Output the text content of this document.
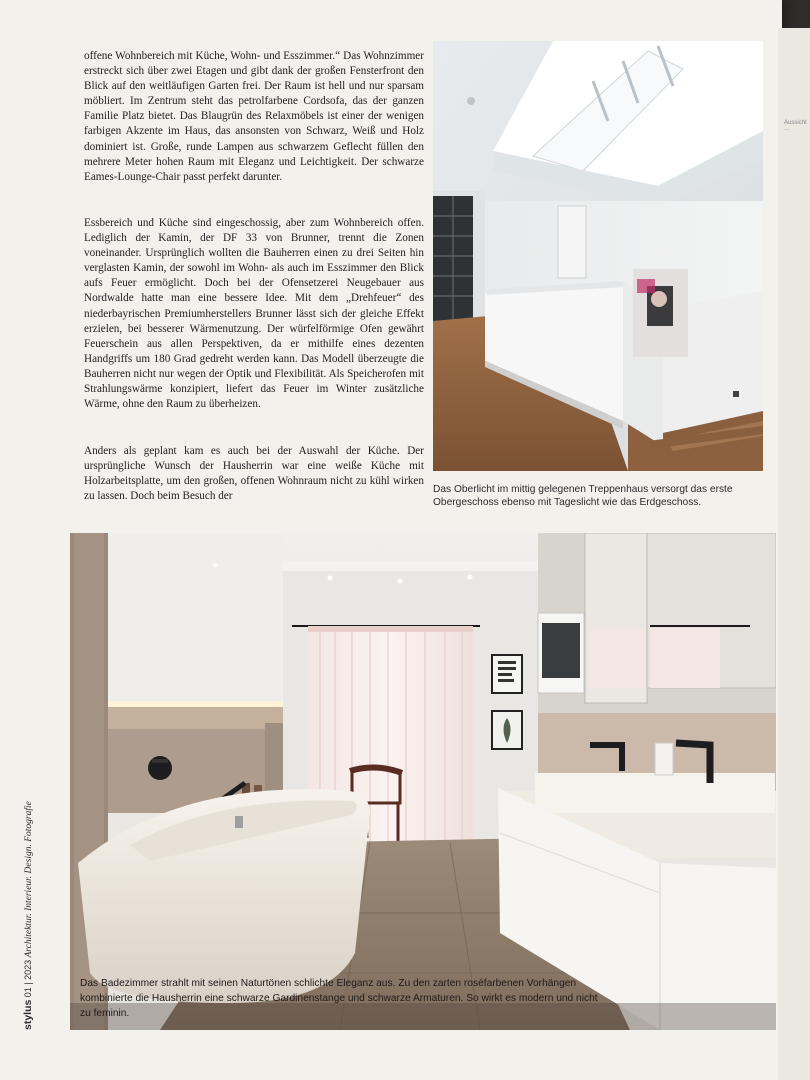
offene Wohnbereich mit Küche, Wohn- und Esszimmer.“ Das Wohnzimmer erstreckt sich über zwei Etagen und gibt dank der großen Fensterfront den Blick auf den weitläufigen Garten frei. Der Raum ist hell und nur sparsam möbliert. Im Zentrum steht das petrolfarbene Cordsofa, das der ganzen Familie Platz bietet. Das Blaugrün des Relaxmöbels ist einer der wenigen farbigen Akzente im Haus, das ansonsten von Schwarz, Weiß und Holz dominiert ist. Große, runde Lampen aus schwarzem Geflecht füllen den mehrere Meter hohen Raum mit Eleganz und Leichtigkeit. Der schwarze Eames-Lounge-Chair passt perfekt darunter.

Essbereich und Küche sind eingeschossig, aber zum Wohnbereich offen. Lediglich der Kamin, der DF 33 von Brunner, trennt die Zonen voneinander. Ursprünglich wollten die Bauherren einen zu drei Seiten hin verglasten Kamin, der sowohl im Wohn- als auch im Esszimmer den Blick aufs Feuer ermöglicht. Doch bei der Ofensetzerei Neugebauer aus Nordwalde hatte man eine bessere Idee. Mit dem „Drehfeuer“ des niederbayrischen Premiumherstellers Brunner lässt sich der gleiche Effekt erzielen, bei besserer Wärmenutzung. Der würfelförmige Ofen gewährt Feuerschein aus allen Perspektiven, da er mithilfe eines dezenten Handgriffs um 180 Grad gedreht werden kann. Das Modell überzeugte die Bauherren nicht nur wegen der Optik und Flexibilität. Als Speicherofen mit Strahlungswärme konzipiert, liefert das Feuer im Winter zusätzliche Wärme, ohne den Raum zu überheizen.

Anders als geplant kam es auch bei der Auswahl der Küche. Der ursprüngliche Wunsch der Hausherrin war eine weiße Küche mit Holzarbeitsplatte, um den großen, offenen Wohnraum nicht zu kühl wirken zu lassen. Doch beim Besuch der

Das Oberlicht im mittig gelegenen Treppenhaus versorgt das erste Obergeschoss ebenso mit Tageslicht wie das Erdgeschoss.

Das Badezimmer strahlt mit seinen Naturtönen schlichte Eleganz aus. Zu den zarten roséfarbenen Vorhängen kombinierte die Hausherrin eine schwarze Gardinenstange und schwarze Armaturen. So wirkt es modern und nicht zu feminin.

stylus 01 | 2023 Architektur. Interieur. Design. Fotografie
Aussicht ...
